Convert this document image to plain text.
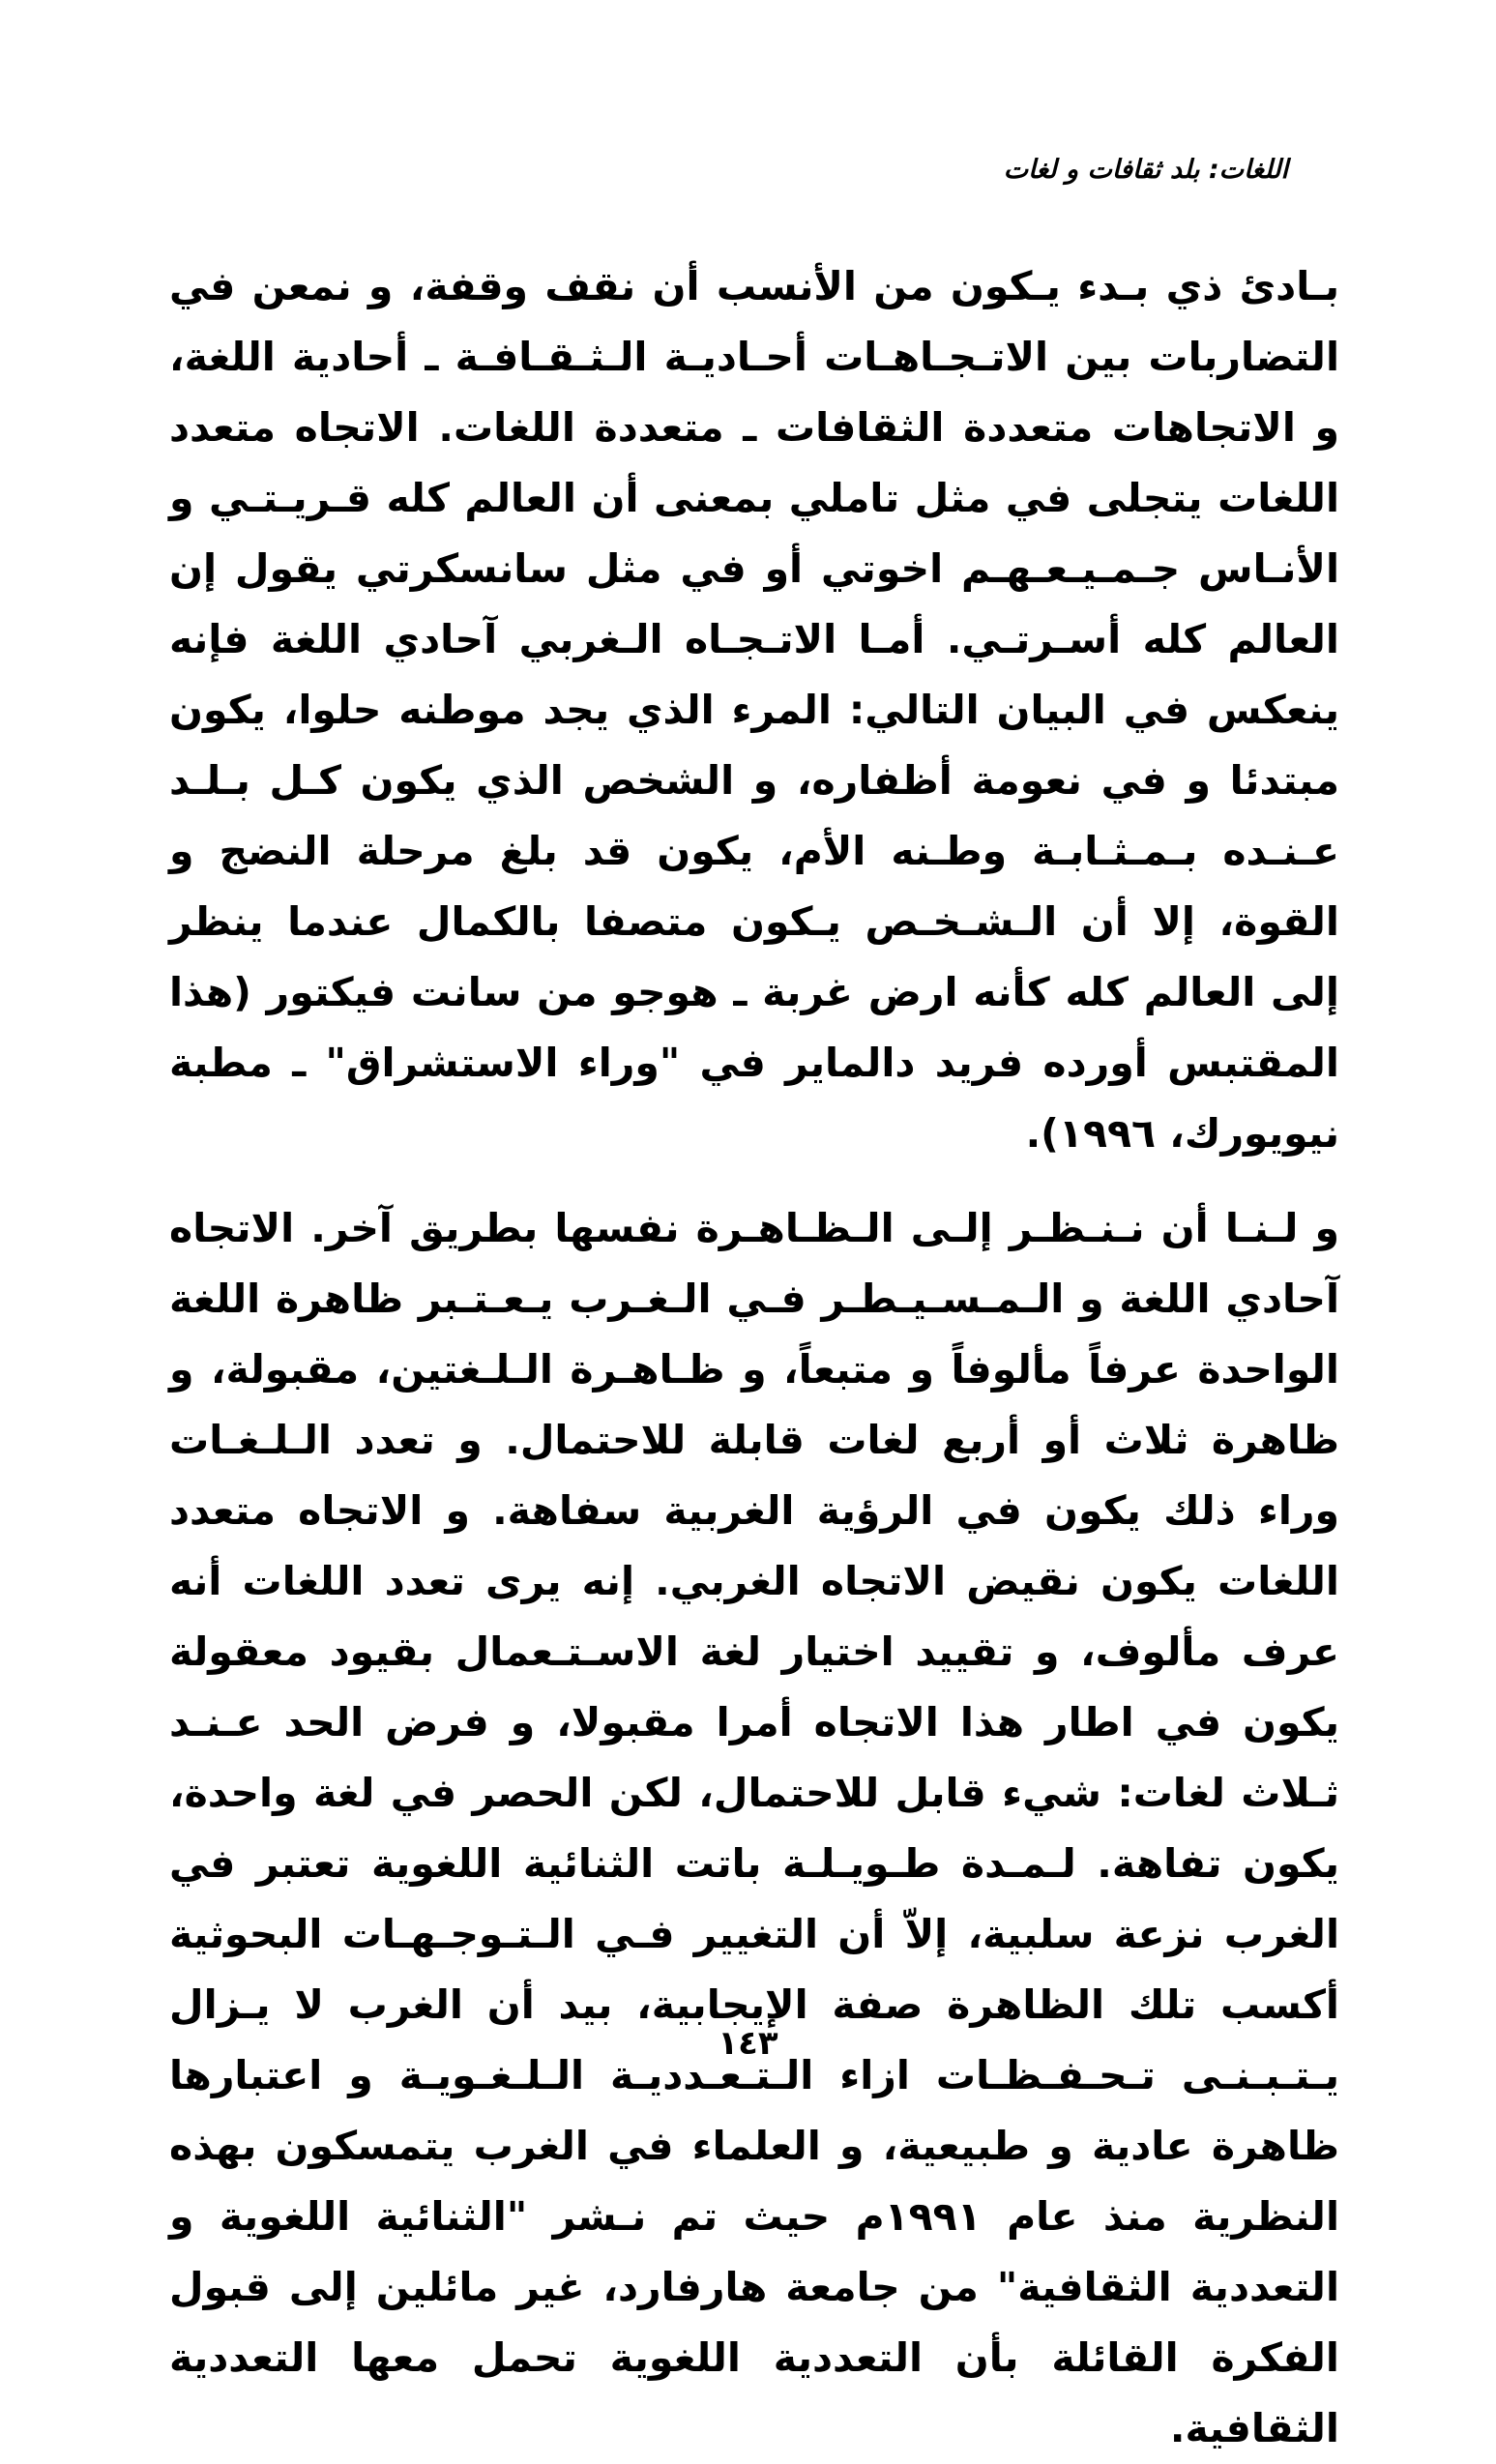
اللغات: بلد ثقافات و لغات

بـادئ ذي بـدء يـكون من الأنسب أن نقف وقفة، و نمعن في التضاربات بين الاتـجـاهـات أحـاديـة الـثـقـافـة ـ أحادية اللغة، و الاتجاهات متعددة الثقافات ـ متعددة اللغات. الاتجاه متعدد اللغات يتجلى في مثل تاملي بمعنى أن العالم كله قـريـتـي و الأنـاس جـمـيـعـهـم اخوتي أو في مثل سانسكرتي يقول إن العالم كله أسـرتـي. أمـا الاتـجـاه الـغربي آحادي اللغة فإنه ينعكس في البيان التالي: المرء الذي يجد موطنه حلوا، يكون مبتدئا و في نعومة أظفاره، و الشخص الذي يكون كـل بـلـد عـنـده بـمـثـابـة وطـنه الأم، يكون قد بلغ مرحلة النضج و القوة، إلا أن الـشـخـص يـكون متصفا بالكمال عندما ينظر إلى العالم كله كأنه ارض غربة ـ هوجو من سانت فيكتور (هذا المقتبس أورده فريد دالماير في "وراء الاستشراق" ـ مطبة نيويورك، ١٩٩٦).

و لـنـا أن نـنـظـر إلـى الـظـاهـرة نفسها بطريق آخر. الاتجاه آحادي اللغة و الـمـسـيـطـر فـي الـغـرب يـعـتـبر ظاهرة اللغة الواحدة عرفاً مألوفاً و متبعاً، و ظـاهـرة الـلـغتين، مقبولة، و ظاهرة ثلاث أو أربع لغات قابلة للاحتمال. و تعدد الـلـغـات وراء ذلك يكون في الرؤية الغربية سفاهة. و الاتجاه متعدد اللغات يكون نقيض الاتجاه الغربي. إنه يرى تعدد اللغات أنه عرف مألوف، و تقييد اختيار لغة الاسـتـعمال بقيود معقولة يكون في اطار هذا الاتجاه أمرا مقبولا، و فرض الحد عـنـد ثـلاث لغات: شيء قابل للاحتمال، لكن الحصر في لغة واحدة، يكون تفاهة. لـمـدة طـويـلـة باتت الثنائية اللغوية تعتبر في الغرب نزعة سلبية، إلاّ أن التغيير فـي الـتـوجـهـات البحوثية أكسب تلك الظاهرة صفة الإيجابية، بيد أن الغرب لا يـزال يـتـبـنـى تـحـفـظـات ازاء الـتـعـدديـة الـلـغـويـة و اعتبارها ظاهرة عادية و طبيعية، و العلماء في الغرب يتمسكون بهذه النظرية منذ عام ١٩٩١م حيث تم نـشر "الثنائية اللغوية و التعددية الثقافية" من جامعة هارفارد، غير مائلين إلى قبول الفكرة القائلة بأن التعددية اللغوية تحمل معها التعددية الثقافية.

١٤٣
